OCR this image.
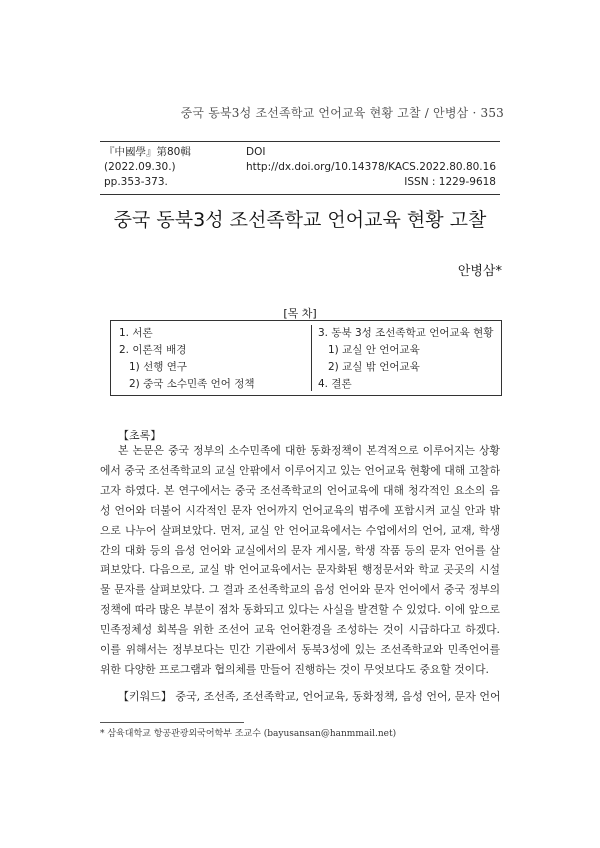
중국 동북3성 조선족학교 언어교육 현황 고찰 / 안병삼 · 353
『中國學』第80輯 (2022.09.30.)
DOI http://dx.doi.org/10.14378/KACS.2022.80.80.16
pp.353-373.	ISSN : 1229-9618
중국 동북3성 조선족학교 언어교육 현황 고찰
안병삼*
[목 차]
1. 서론
2. 이론적 배경
1) 선행 연구
2) 중국 소수민족 언어 정책
3. 동북 3성 조선족학교 언어교육 현황
1) 교실 안 언어교육
2) 교실 밖 언어교육
4. 결론
【초록】

본 논문은 중국 정부의 소수민족에 대한 동화정책이 본격적으로 이루어지는 상황에서 중국 조선족학교의 교실 안팎에서 이루어지고 있는 언어교육 현황에 대해 고찰하고자 하였다. 본 연구에서는 중국 조선족학교의 언어교육에 대해 청각적인 요소의 음성 언어와 더불어 시각적인 문자 언어까지 언어교육의 범주에 포함시켜 교실 안과 밖으로 나누어 살펴보았다. 먼저, 교실 안 언어교육에서는 수업에서의 언어, 교재, 학생 간의 대화 등의 음성 언어와 교실에서의 문자 게시물, 학생 작품 등의 문자 언어를 살펴보았다. 다음으로, 교실 밖 언어교육에서는 문자화된 행정문서와 학교 곳곳의 시설물 문자를 살펴보았다. 그 결과 조선족학교의 음성 언어와 문자 언어에서 중국 정부의 정책에 따라 많은 부분이 점차 동화되고 있다는 사실을 발견할 수 있었다. 이에 앞으로 민족정체성 회복을 위한 조선어 교육 언어환경을 조성하는 것이 시급하다고 하겠다. 이를 위해서는 정부보다는 민간 기관에서 동북3성에 있는 조선족학교와 민족언어를 위한 다양한 프로그램과 협의체를 만들어 진행하는 것이 무엇보다도 중요할 것이다.

【키워드】 중국, 조선족, 조선족학교, 언어교육, 동화정책, 음성 언어, 문자 언어
* 삼육대학교 항공관광외국어학부 조교수 (bayusansan@hanmmail.net)
